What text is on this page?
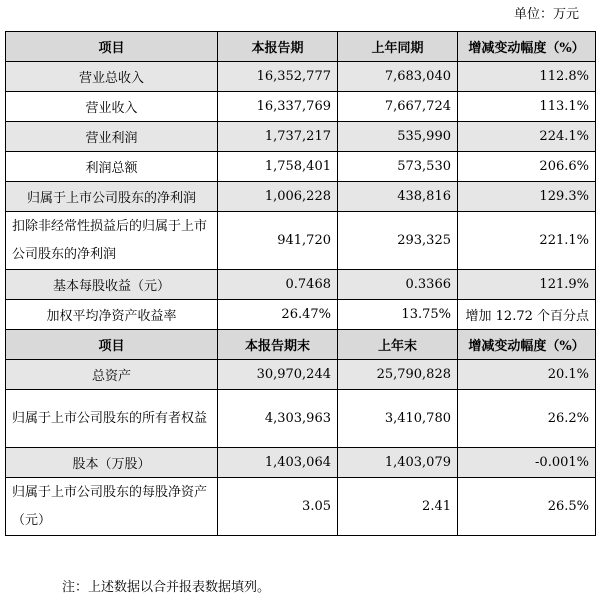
单位：万元
项目	本报告期	上年同期	增减变动幅度（%）
营业总收入	16,352,777	7,683,040	112.8%
营业收入	16,337,769	7,667,724	113.1%
营业利润	1,737,217	535,990	224.1%
利润总额	1,758,401	573,530	206.6%
归属于上市公司股东的净利润	1,006,228	438,816	129.3%
扣除非经常性损益后的归属于上市公司股东的净利润	941,720	293,325	221.1%
基本每股收益（元）	0.7468	0.3366	121.9%
加权平均净资产收益率	26.47%	13.75%	增加 12.72 个百分点
项目	本报告期末	上年末	增减变动幅度（%）
总资产	30,970,244	25,790,828	20.1%
归属于上市公司股东的所有者权益	4,303,963	3,410,780	26.2%
股本（万股）	1,403,064	1,403,079	-0.001%
归属于上市公司股东的每股净资产（元）	3.05	2.41	26.5%
注：上述数据以合并报表数据填列。
